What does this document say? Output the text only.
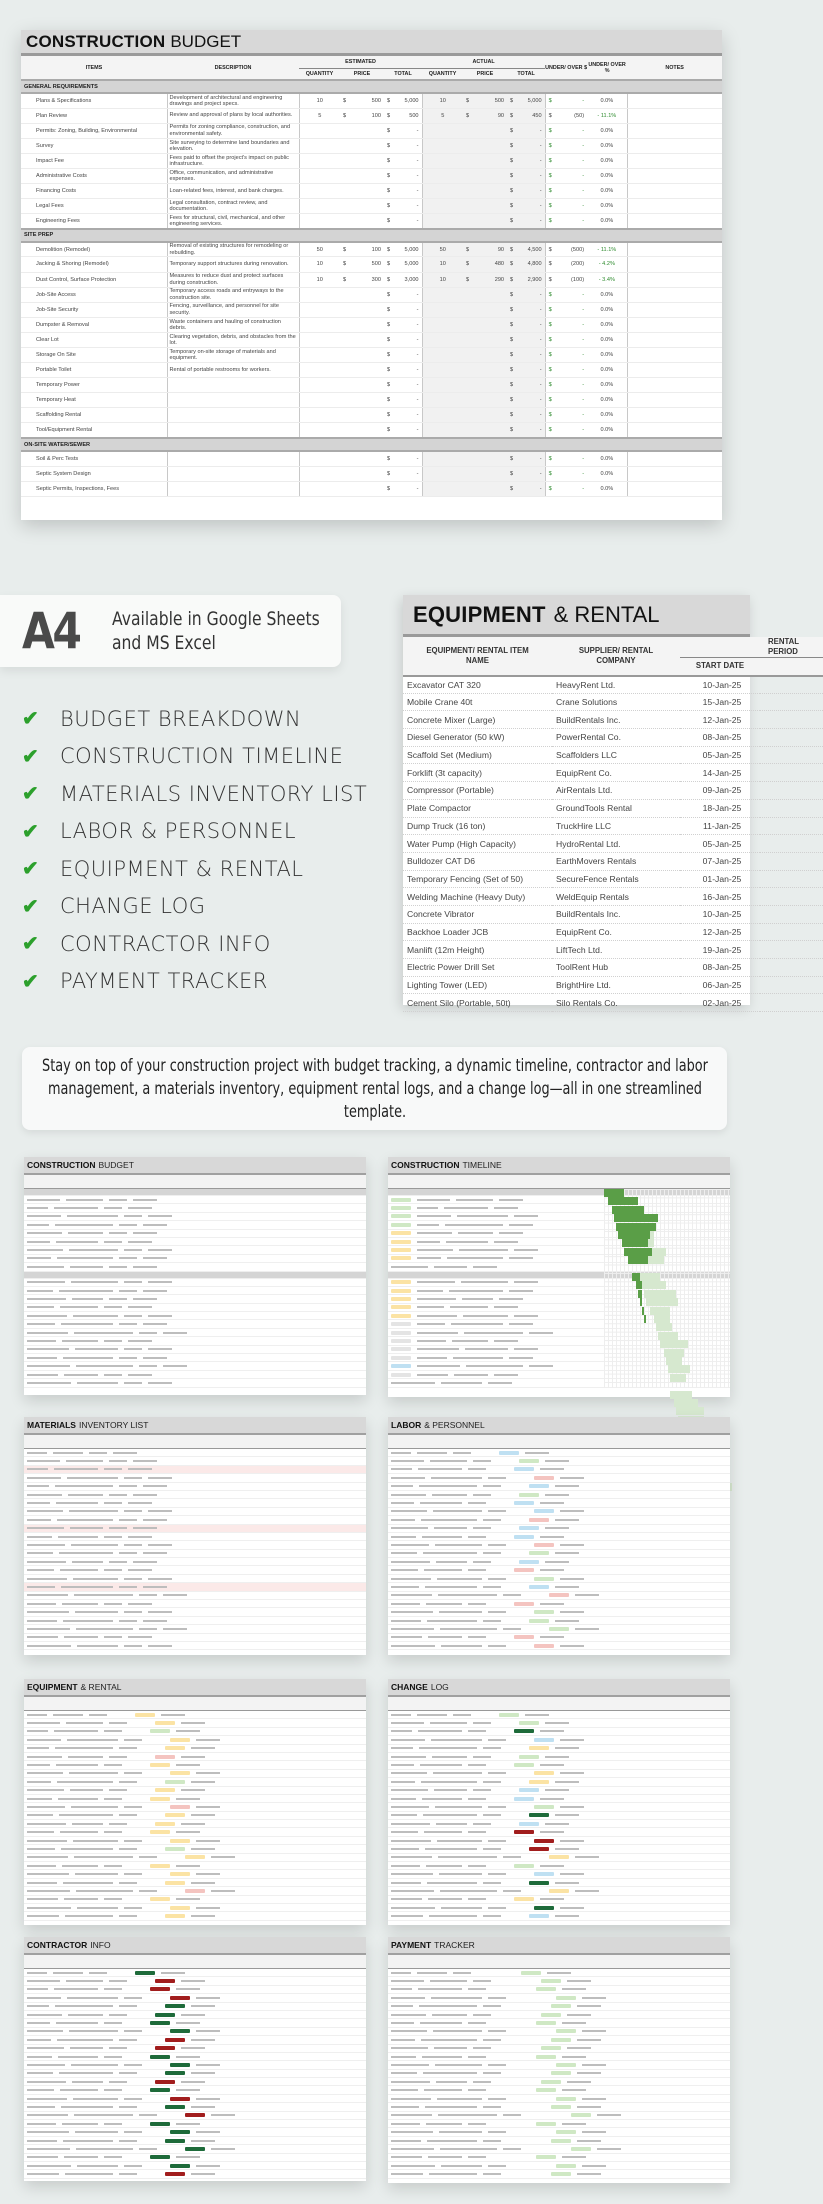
CONSTRUCTION BUDGET
ITEMS	DESCRIPTION	ESTIMATED					ACTUAL					UNDER/ OVER $		UNDER/ OVER %	NOTES
		QUANTITY	PRICE		TOTAL		QUANTITY	PRICE		TOTAL					
GENERAL REQUIREMENTS															
Plans & Specifications	Development of architectural and engineering drawings and project specs.	10	$	500	$	5,000	10	$	500	$	5,000	$	-	0.0%	
Plan Review	Review and approval of plans by local authorities.	5	$	100	$	500	5	$	90	$	450	$	(50)	- 11.1%	
Permits: Zoning, Building, Environmental	Permits for zoning compliance, construction, and environmental safety.				$	-				$	-	$	-	0.0%	
Survey	Site surveying to determine land boundaries and elevation.				$	-				$	-	$	-	0.0%	
Impact Fee	Fees paid to offset the project's impact on public infrastructure.				$	-				$	-	$	-	0.0%	
Administrative Costs	Office, communication, and administrative expenses.				$	-				$	-	$	-	0.0%	
Financing Costs	Loan-related fees, interest, and bank charges.				$	-				$	-	$	-	0.0%	
Legal Fees	Legal consultation, contract review, and documentation.				$	-				$	-	$	-	0.0%	
Engineering Fees	Fees for structural, civil, mechanical, and other engineering services.				$	-				$	-	$	-	0.0%	
SITE PREP															
Demolition (Remodel)	Removal of existing structures for remodeling or rebuilding.	50	$	100	$	5,000	50	$	90	$	4,500	$	(500)	- 11.1%	
Jacking & Shoring (Remodel)	Temporary support structures during renovation.	10	$	500	$	5,000	10	$	480	$	4,800	$	(200)	- 4.2%	
Dust Control, Surface Protection	Measures to reduce dust and protect surfaces during construction.	10	$	300	$	3,000	10	$	290	$	2,900	$	(100)	- 3.4%	
Job-Site Access	Temporary access roads and entryways to the construction site.				$	-				$	-	$	-	0.0%	
Job-Site Security	Fencing, surveillance, and personnel for site security.				$	-				$	-	$	-	0.0%	
Dumpster & Removal	Waste containers and hauling of construction debris.				$	-				$	-	$	-	0.0%	
Clear Lot	Clearing vegetation, debris, and obstacles from the lot.				$	-				$	-	$	-	0.0%	
Storage On Site	Temporary on-site storage of materials and equipment.				$	-				$	-	$	-	0.0%	
Portable Toilet	Rental of portable restrooms for workers.				$	-				$	-	$	-	0.0%	
Temporary Power					$	-				$	-	$	-	0.0%	
Temporary Heat					$	-				$	-	$	-	0.0%	
Scaffolding Rental					$	-				$	-	$	-	0.0%	
Tool/Equipment Rental					$	-				$	-	$	-	0.0%	
ON-SITE WATER/SEWER															
Soil & Perc Tests					$	-				$	-	$	-	0.0%	
Septic System Design					$	-				$	-	$	-	0.0%	
Septic Permits, Inspections, Fees					$	-				$	-	$	-	0.0%	
A4 Available in Google Sheets
and MS Excel
✔	BUDGET BREAKDOWN
✔	CONSTRUCTION TIMELINE
✔	MATERIALS INVENTORY LIST
✔	LABOR & PERSONNEL
✔	EQUIPMENT & RENTAL
✔	CHANGE LOG
✔	CONTRACTOR INFO
✔	PAYMENT TRACKER
EQUIPMENT & RENTAL
EQUIPMENT/ RENTAL ITEM NAME	SUPPLIER/ RENTAL COMPANY	RENTAL PERIOD	
		START DATE	
Excavator CAT 320	HeavyRent Ltd.	10-Jan-25	
Mobile Crane 40t	Crane Solutions	15-Jan-25	
Concrete Mixer (Large)	BuildRentals Inc.	12-Jan-25	
Diesel Generator (50 kW)	PowerRental Co.	08-Jan-25	
Scaffold Set (Medium)	Scaffolders LLC	05-Jan-25	
Forklift (3t capacity)	EquipRent Co.	14-Jan-25	
Compressor (Portable)	AirRentals Ltd.	09-Jan-25	
Plate Compactor	GroundTools Rental	18-Jan-25	
Dump Truck (16 ton)	TruckHire LLC	11-Jan-25	
Water Pump (High Capacity)	HydroRental Ltd.	05-Jan-25	
Bulldozer CAT D6	EarthMovers Rentals	07-Jan-25	
Temporary Fencing (Set of 50)	SecureFence Rentals	01-Jan-25	
Welding Machine (Heavy Duty)	WeldEquip Rentals	16-Jan-25	
Concrete Vibrator	BuildRentals Inc.	10-Jan-25	
Backhoe Loader JCB	EquipRent Co.	12-Jan-25	
Manlift (12m Height)	LiftTech Ltd.	19-Jan-25	
Electric Power Drill Set	ToolRent Hub	08-Jan-25	
Lighting Tower (LED)	BrightHire Ltd.	06-Jan-25	
Cement Silo (Portable, 50t)	Silo Rentals Co.	02-Jan-25	

Stay on top of your construction project with budget tracking, a dynamic timeline, contractor and labor management, a materials inventory, equipment rental logs, and a change log—all in one streamlined template.

CONSTRUCTION BUDGET	CONSTRUCTION TIMELINE
MATERIALS INVENTORY LIST	LABOR & PERSONNEL
EQUIPMENT & RENTAL	CHANGE LOG
CONTRACTOR INFO	PAYMENT TRACKER
